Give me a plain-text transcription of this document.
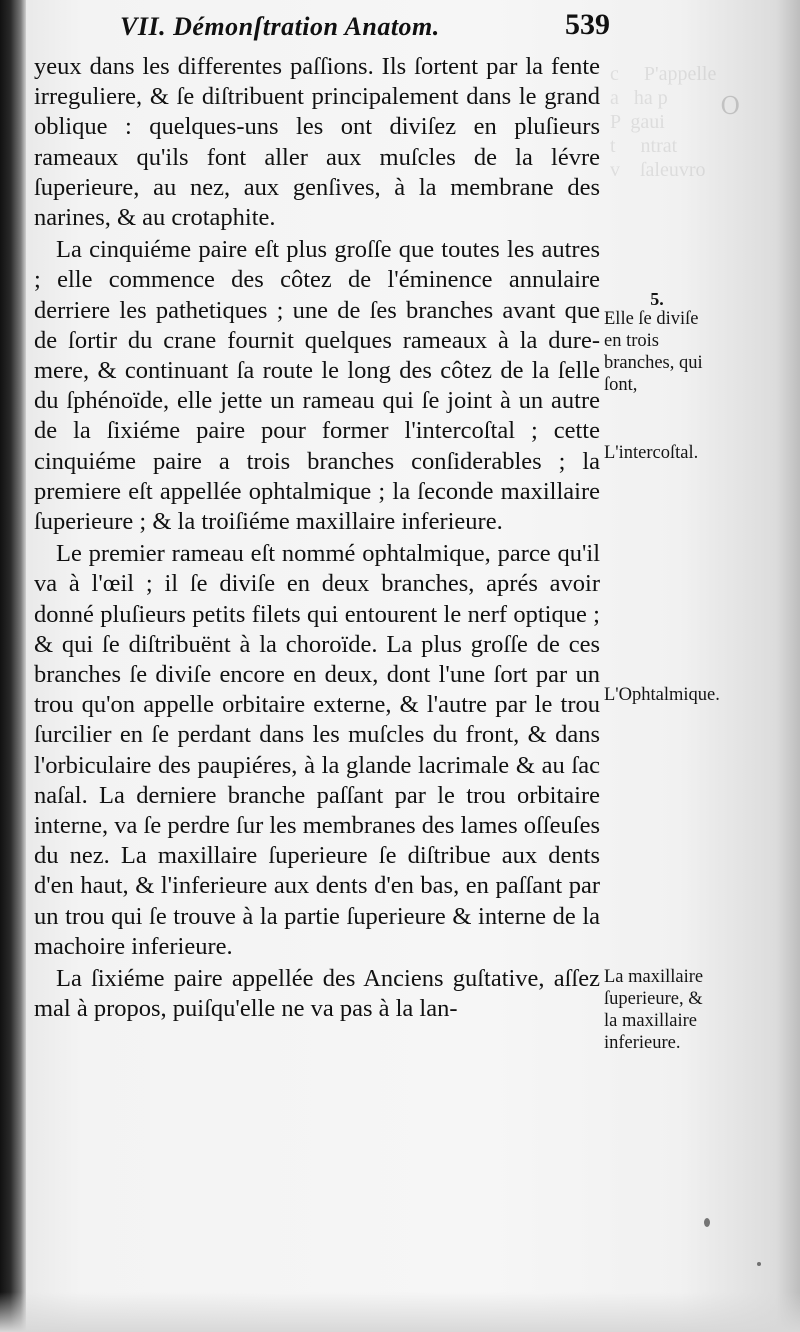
c     P'appelle
a   ha p
P  gaui
t     ntrat
v    ſaleuvro
O
VII. Démonſtration Anatom.	539

yeux dans les differentes paſſions. Ils ſortent par la fente irreguliere, & ſe diſtribuent principalement dans le grand oblique : quelques-uns les ont diviſez en pluſieurs rameaux qu'ils font aller aux muſcles de la lévre ſuperieure, au nez, aux genſives, à la membrane des narines, & au crotaphite.

La cinquiéme paire eſt plus groſſe que toutes les autres ; elle commence des côtez de l'éminence annulaire derriere les pathetiques ; une de ſes branches avant que de ſortir du crane fournit quelques rameaux à la dure-mere, & continuant ſa route le long des côtez de la ſelle du ſphénoïde, elle jette un rameau qui ſe joint à un autre de la ſixiéme paire pour former l'intercoſtal ; cette cinquiéme paire a trois branches conſiderables ; la premiere eſt appellée ophtalmique ; la ſeconde maxillaire ſuperieure ; & la troiſiéme maxillaire inferieure.

Le premier rameau eſt nommé ophtalmique, parce qu'il va à l'œil ; il ſe diviſe en deux branches, aprés avoir donné pluſieurs petits filets qui entourent le nerf optique ; & qui ſe diſtribuënt à la choroïde. La plus groſſe de ces branches ſe diviſe encore en deux, dont l'une ſort par un trou qu'on appelle orbitaire externe, & l'autre par le trou ſurcilier en ſe perdant dans les muſcles du front, & dans l'orbiculaire des paupiéres, à la glande lacrimale & au ſac naſal. La derniere branche paſſant par le trou orbitaire interne, va ſe perdre ſur les membranes des lames oſſeuſes du nez. La maxillaire ſuperieure ſe diſtribue aux dents d'en haut, & l'inferieure aux dents d'en bas, en paſſant par un trou qui ſe trouve à la partie ſuperieure & interne de la machoire inferieure.

La ſixiéme paire appellée des Anciens guſtative, aſſez mal à propos, puiſqu'elle ne va pas à la lan-

5.
Elle ſe diviſe en trois branches, qui ſont,
L'intercoſtal.
L'Ophtalmique.
La maxillaire ſuperieure, & la maxillaire inferieure.
